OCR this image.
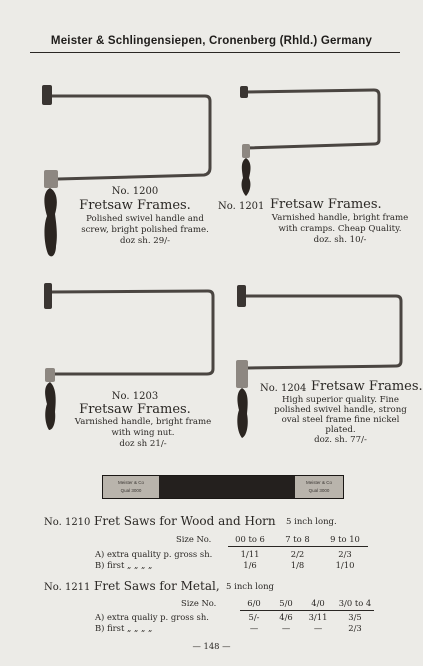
Meister & Schlingensiepen, Cronenberg (Rhld.) Germany
No. 1200
Fretsaw Frames.
Polished swivel handle and
screw, bright polished frame.
doz sh. 29/-
No. 1201 Fretsaw Frames.
Varnished handle, bright frame
with cramps. Cheap Quality.
doz. sh. 10/-
No. 1203
Fretsaw Frames.
Varnished handle, bright frame
with wing nut.
doz sh 21/-
No. 1204 Fretsaw Frames.
High superior quality. Fine
polished swivel handle, strong
oval steel frame fine nickel
plated.
doz. sh. 77/-
Meister & Co
Qual 3000
Meister & Co
Qual 3000
No. 1210 Fret Saws for Wood and Horn 5 inch long.
Size No.	00 to 6	7 to 8	9 to 10
A) extra quality p. gross sh.	1/11	2/2	2/3
B) first „ „ „ „	1/6	1/8	1/10
No. 1211 Fret Saws for Metal, 5 inch long
Size No.	6/0	5/0	4/0	3/0 to 4
A) extra qualiy p. gross sh.	5/-	4/6	3/11	3/5
B) first „ „ „ „	—	—	—	2/3
— 148 —
